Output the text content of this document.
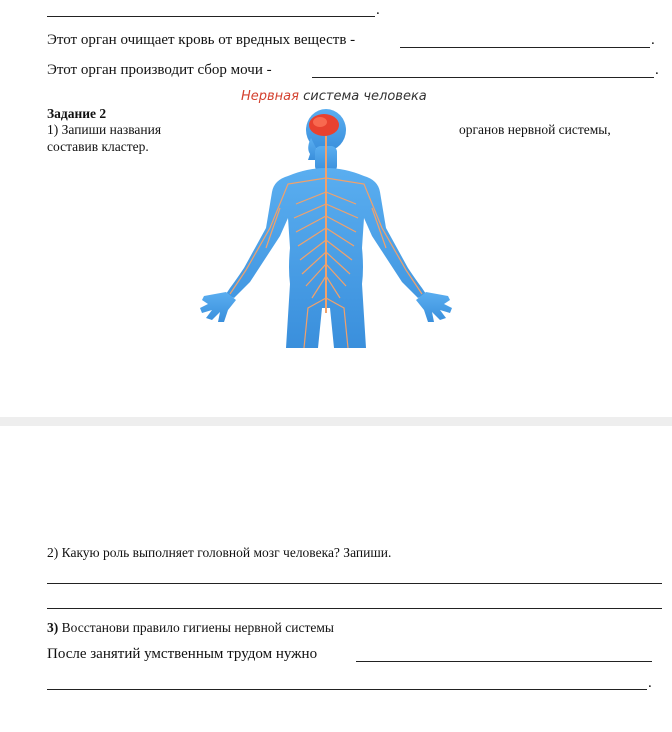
.
Этот орган очищает кровь от вредных веществ -	.
Этот орган производит сбор мочи -	.
Задание 2
1) Запиши названия	органов нервной системы,
составив кластер.
Нервная система человека
2) Какую роль выполняет головной мозг человека? Запиши.
3) Восстанови правило гигиены нервной системы
После занятий умственным трудом нужно
.
